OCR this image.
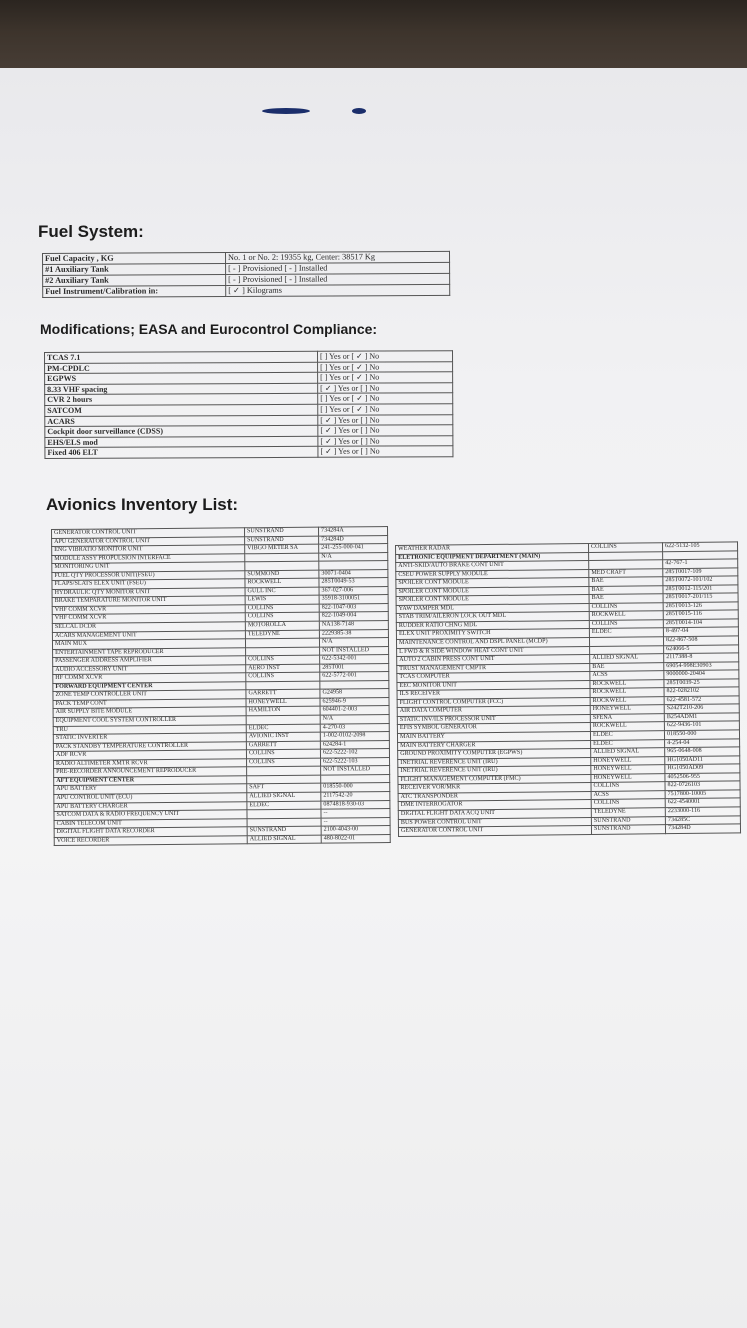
Fuel System:
Fuel Capacity , KG	No. 1 or No. 2: 19355 kg, Center: 38517 Kg
#1 Auxiliary Tank	[ - ] Provisioned [ - ] Installed
#2 Auxiliary Tank	[ - ] Provisioned [ - ] Installed
Fuel Instrument/Calibration in:	[ ✓ ] Kilograms
Modifications; EASA and Eurocontrol Compliance:
TCAS 7.1	[ ] Yes or [ ✓ ] No
PM-CPDLC	[ ] Yes or [ ✓ ] No
EGPWS	[ ] Yes or [ ✓ ] No
8.33 VHF spacing	[ ✓ ] Yes or [ ] No
CVR 2 hours	[ ] Yes or [ ✓ ] No
SATCOM	[ ] Yes or [ ✓ ] No
ACARS	[ ✓ ] Yes or [ ] No
Cockpit door surveillance (CDSS)	[ ✓ ] Yes or [ ] No
EHS/ELS mod	[ ✓ ] Yes or [ ] No
Fixed 406 ELT	[ ✓ ] Yes or [ ] No
Avionics Inventory List:
GENERATOR CONTROL UNIT	SUNSTRAND	734284A
APU GENERATOR CONTROL UNIT	SUNSTRAND	734284D
ENG VIBRATIO MONITOR UNIT	VIBGO METER SA	241-255-000-041
MODULE ASSY PROPULSION INTERFACE		N/A
MONITORING UNIT		
FUEL QTY PROCESSOR UNIT(FSEU)	SUMMOND	30071-0404
FLAPS/SLATS ELEX UNIT (FSEU)	ROCKWELL	285T0049-53
HYDRAULIC QTY MONITOR UNIT	GULL INC	367-027-006
BRAKE TEMPARATURE MONITOR UNIT	LEWIS	35918-3100051
VHF COMM XCVR	COLLINS	822-1047-003
VHF COMM XCVR	COLLINS	822-1049-004
SELCAL DCDR	MOTOROLLA	NA138-7148
ACARS MANAGEMENT UNIT	TELEDYNE	2229385-38
MAIN MUX		N/A
ENTERTAINMENT TAPE REPRODUCER		NOT INSTALLED
PASSENGER ADDRESS AMPLIFIER	COLLINS	622-5342-001
AUDIO ACCESSORY UNIT	AERO INST	285T001
HF COMM XCVR	COLLINS	622-5772-001
FORWARD EQUIPMENT CENTER		
ZONE TEMP CONTROLLER UNIT	GARRETT	G24958
PACK TEMP CONT	HONEYWELL	625946-9
AIR SUPPLY BITE MODULE	HAMILTON	604401-2-003
EQUIPMENT COOL SYSTEM CONTROLLER		N/A
TRU	ELDEC	4-270-03
STATIC INVERTER	AVIONIC INST	1-002-0102-2098
PACK STANDBY TEMPERATURE CONTROLLER	GARRETT	624284-1
ADF RCVR	COLLINS	622-5222-102
RADIO ALTIMETER XMTR RCVR	COLLINS	622-5222-103
PRE-RECORDER ANNOUNCEMENT REPRODUCER		NOT INSTALLED
AFT EQUIPMENT CENTER		
APU BATTERY	SAFT	018550-000
APU CONTROL UNIT (ECU)	ALLIED SIGNAL	2117542-20
APU BATTERY CHARGER	ELDEC	0874818-930-03
SATCOM DATA & RADIO FREQUENCY UNIT		--
CABIN TELECOM UNIT		--
DIGITAL FLIGHT DATA RECORDER	SUNSTRAND	2100-4043-00
VOICE RECORDER	ALLIED SIGNAL	480-8022-01
WEATHER RADAR	COLLINS	622-5132-105
ELETRONIC EQUIPMENT DEPARTMENT (MAIN)		
ANTI-SKID/AUTO BRAKE CONT UNIT		42-767-1
CSEU POWER SUPPLY MODULE	MED CRAFT	285T0017-109
SPOILER CONT MODULE	BAE	285T0072-101/102
SPOILER CONT MODULE	BAE	285T0012-115/201
SPOILER CONT MODULE	BAE	285T0017-201/115
YAW DAMPER MDL	COLLINS	285T0013-126
STAB TRIM/AILERON LOCK OUT MDL	ROCKWELL	285T0015-116
RUDDER RATIO CHNG MDL	COLLINS	285T0014-104
ELEX UNIT PROXIMITY SWITCH	ELDEC	8-497-04
MAINTENANCE CONTROL AND DSPL PANEL (MCDP)		822-867-508
L FWD & R SIDE WINDOW HEAT CONT UNIT		624066-5
AUTO 2 CABIN PRESS CONT UNIT	ALLIED SIGNAL	2117388-8
TRUST MANAGEMENT CMPTR	BAE	69054-998E30903
TCAS COMPUTER	ACSS	9000000-20404
EEC MONITOR UNIT	ROCKWELL	285T0039-25
ILS RECEIVER	ROCKWELL	822-0282102
FLIGHT CONTROL COMPUTER (FCC)	ROCKWELL	622-4581-572
AIR DATA COMPUTER	HONEYWELL	S242T210-206
STATIC INV/ILS PROCESSOR UNIT	SFENA	B254ADM1
EFIS SYMBOL GENERATOR	ROCKWELL	622-9436-101
MAIN BATTERY	ELDEC	018550-000
MAIN BATTERY CHARGER	ELDEC	4-254-04
GROUND PROXIMITY COMPUTER (EGPWS)	ALLIED SIGNAL	965-0648-008
INETRIAL REVERENCE UNIT (IRU)	HONEYWELL	HG1050AD11
INETRIAL REVERENCE UNIT (IRU)	HONEYWELL	HG1050AD09
FLIGHT MANAGEMENT COMPUTER (FMC)	HONEYWELL	4052506-955
RECEIVER VOR/MKR	COLLINS	822-0726103
ATC TRANSPONDER	ACSS	7517800-10005
DME INTERROGATOR	COLLINS	622-4540001
DIGITAL FLIGHT DATA ACQ UNIT	TELEDYNE	2233000-116
BUS POWER CONTROL UNIT	SUNSTRAND	734285C
GENERATOR CONTROL UNIT	SUNSTRAND	734284D
